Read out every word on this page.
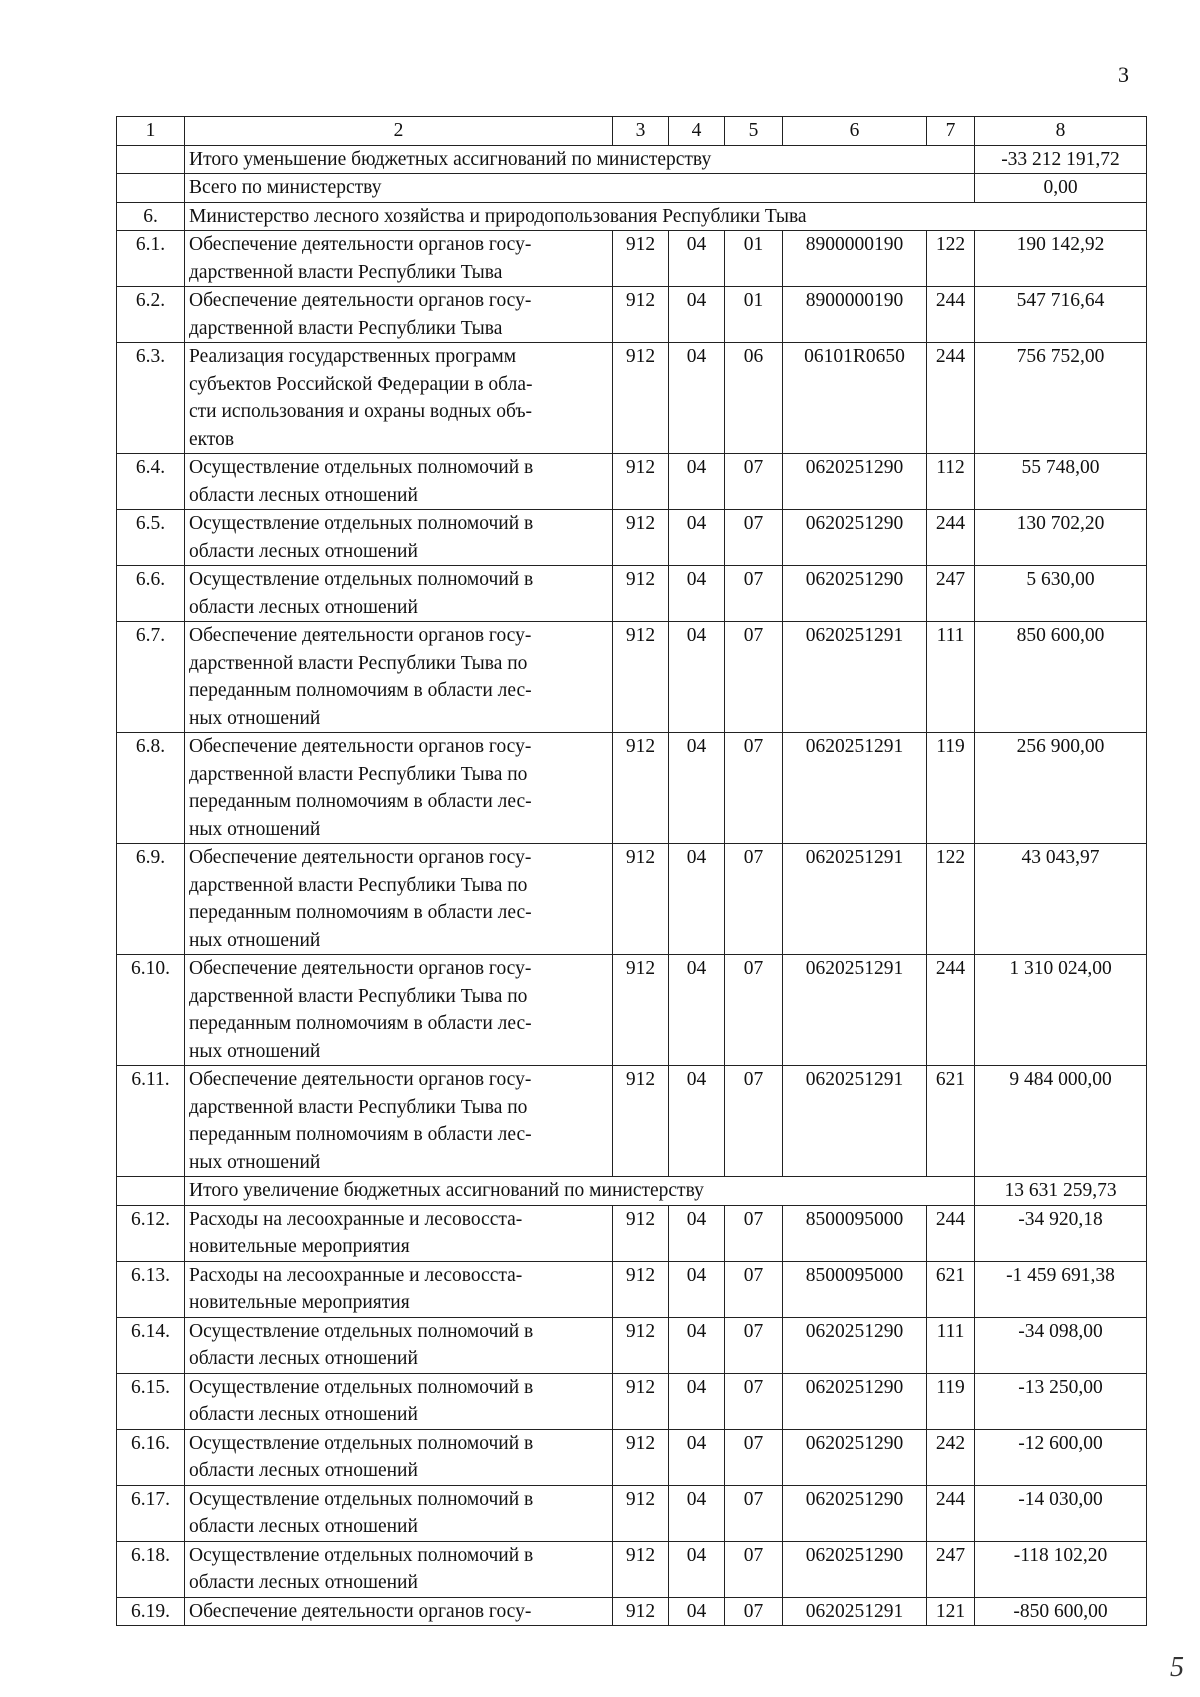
3
1	2	3	4	5	6	7	8
	Итого уменьшение бюджетных ассигнований по министерству						-33 212 191,72
	Всего по министерству						0,00
6.	Министерство лесного хозяйства и природопользования Республики Тыва						
6.1.	Обеспечение деятельности органов госу-
дарственной власти Республики Тыва	912	04	01	8900000190	122	190 142,92
6.2.	Обеспечение деятельности органов госу-
дарственной власти Республики Тыва	912	04	01	8900000190	244	547 716,64
6.3.	Реализация государственных программ
субъектов Российской Федерации в обла-
сти использования и охраны водных объ-
ектов	912	04	06	06101R0650	244	756 752,00
6.4.	Осуществление отдельных полномочий в
области лесных отношений	912	04	07	0620251290	112	55 748,00
6.5.	Осуществление отдельных полномочий в
области лесных отношений	912	04	07	0620251290	244	130 702,20
6.6.	Осуществление отдельных полномочий в
области лесных отношений	912	04	07	0620251290	247	5 630,00
6.7.	Обеспечение деятельности органов госу-
дарственной власти Республики Тыва по
переданным полномочиям в области лес-
ных отношений	912	04	07	0620251291	111	850 600,00
6.8.	Обеспечение деятельности органов госу-
дарственной власти Республики Тыва по
переданным полномочиям в области лес-
ных отношений	912	04	07	0620251291	119	256 900,00
6.9.	Обеспечение деятельности органов госу-
дарственной власти Республики Тыва по
переданным полномочиям в области лес-
ных отношений	912	04	07	0620251291	122	43 043,97
6.10.	Обеспечение деятельности органов госу-
дарственной власти Республики Тыва по
переданным полномочиям в области лес-
ных отношений	912	04	07	0620251291	244	1 310 024,00
6.11.	Обеспечение деятельности органов госу-
дарственной власти Республики Тыва по
переданным полномочиям в области лес-
ных отношений	912	04	07	0620251291	621	9 484 000,00
	Итого увеличение бюджетных ассигнований по министерству						13 631 259,73
6.12.	Расходы на лесоохранные и лесовосста-
новительные мероприятия	912	04	07	8500095000	244	-34 920,18
6.13.	Расходы на лесоохранные и лесовосста-
новительные мероприятия	912	04	07	8500095000	621	-1 459 691,38
6.14.	Осуществление отдельных полномочий в
области лесных отношений	912	04	07	0620251290	111	-34 098,00
6.15.	Осуществление отдельных полномочий в
области лесных отношений	912	04	07	0620251290	119	-13 250,00
6.16.	Осуществление отдельных полномочий в
области лесных отношений	912	04	07	0620251290	242	-12 600,00
6.17.	Осуществление отдельных полномочий в
области лесных отношений	912	04	07	0620251290	244	-14 030,00
6.18.	Осуществление отдельных полномочий в
области лесных отношений	912	04	07	0620251290	247	-118 102,20
6.19.	Обеспечение деятельности органов госу-	912	04	07	0620251291	121	-850 600,00
5
